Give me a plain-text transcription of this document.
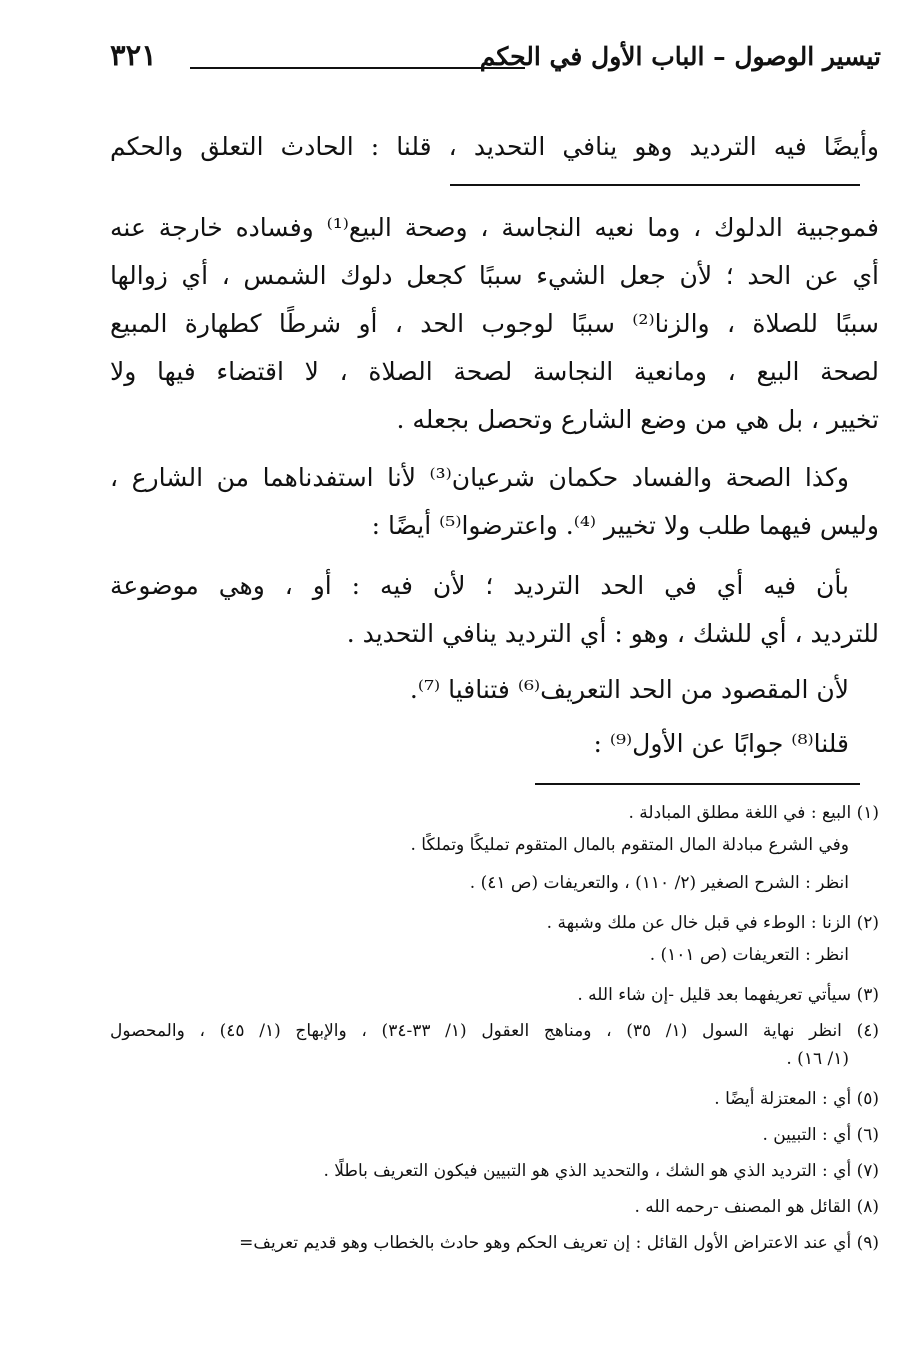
تيسير الوصول – الباب الأول في الحكم
٣٢١
وأيضًا فيه الترديد وهو ينافي التحديد ، قلنا : الحادث التعلق والحكم
فموجبية الدلوك ، وما نعيه النجاسة ، وصحة البيع⁽¹⁾ وفساده خارجة عنه
أي عن الحد ؛ لأن جعل الشيء سببًا كجعل دلوك الشمس ، أي زوالها
سببًا للصلاة ، والزنا⁽²⁾ سببًا لوجوب الحد ، أو شرطًا كطهارة المبيع
لصحة البيع ، ومانعية النجاسة لصحة الصلاة ، لا اقتضاء فيها ولا
تخيير ، بل هي من وضع الشارع وتحصل بجعله .
وكذا الصحة والفساد حكمان شرعيان⁽³⁾ لأنا استفدناهما من الشارع ،
وليس فيهما طلب ولا تخيير ⁽⁴⁾. واعترضوا⁽⁵⁾ أيضًا :
بأن فيه أي في الحد الترديد ؛ لأن فيه : أو ، وهي موضوعة
للترديد ، أي للشك ، وهو : أي الترديد ينافي التحديد .
لأن المقصود من الحد التعريف⁽⁶⁾ فتنافيا ⁽⁷⁾.
قلنا⁽⁸⁾ جوابًا عن الأول⁽⁹⁾ :
(١) البيع : في اللغة مطلق المبادلة .
وفي الشرع مبادلة المال المتقوم بالمال المتقوم تمليكًا وتملكًا .
انظر : الشرح الصغير (٢/ ١١٠) ، والتعريفات (ص ٤١) .
(٢) الزنا : الوطء في قبل خال عن ملك وشبهة .
انظر : التعريفات (ص ١٠١) .
(٣) سيأتي تعريفهما بعد قليل -إن شاء الله .
(٤) انظر نهاية السول (١/ ٣٥) ، ومناهج العقول (١/ ٣٣-٣٤) ، والإبهاج (١/ ٤٥) ، والمحصول
(١/ ١٦) .
(٥) أي : المعتزلة أيضًا .
(٦) أي : التبيين .
(٧) أي : الترديد الذي هو الشك ، والتحديد الذي هو التبيين فيكون التعريف باطلًا .
(٨) القائل هو المصنف -رحمه الله .
(٩) أي عند الاعتراض الأول القائل : إن تعريف الحكم وهو حادث بالخطاب وهو قديم تعريف=
